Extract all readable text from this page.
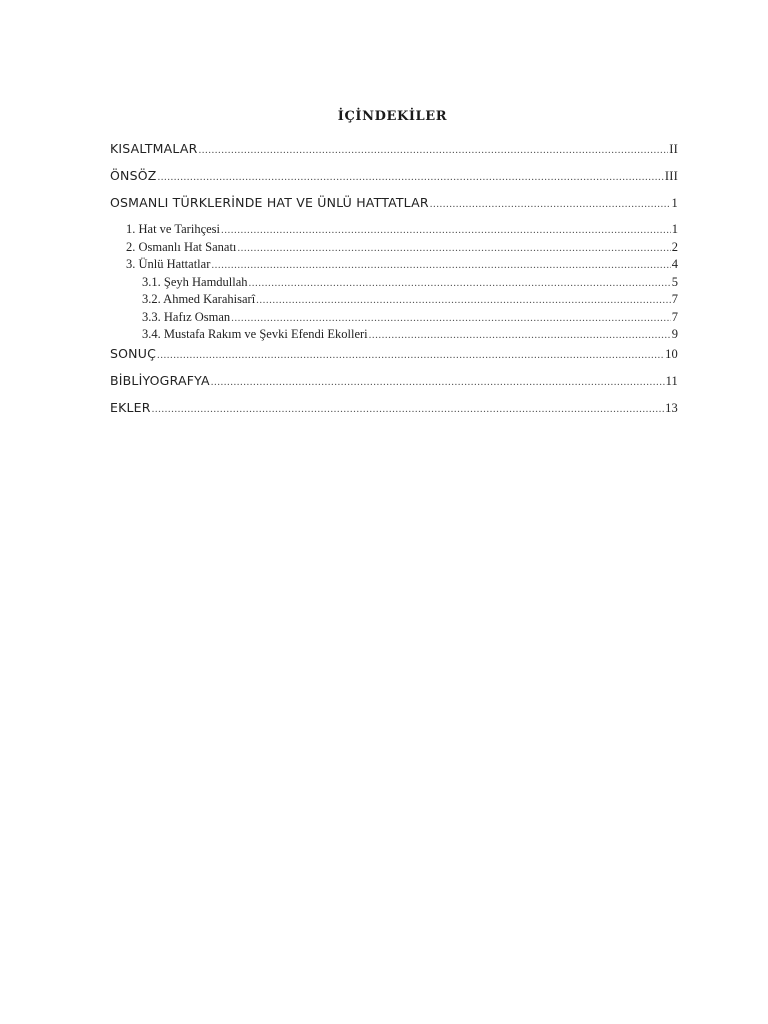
İÇİNDEKİLER
KISALTMALAR .....	II
ÖNSÖZ .....	III
OSMANLI TÜRKLERİNDE HAT VE ÜNLÜ HATTATLAR .....	1
1. Hat ve Tarihçesi .....	1
2. Osmanlı Hat Sanatı .....	2
3. Ünlü Hattatlar .....	4
3.1. Şeyh Hamdullah .....	5
3.2. Ahmed Karahisarî .....	7
3.3. Hafız Osman .....	7
3.4. Mustafa Rakım ve Şevki Efendi Ekolleri .....	9
SONUÇ .....	10
BİBLİYOGRAFYA .....	11
EKLER .....	13
